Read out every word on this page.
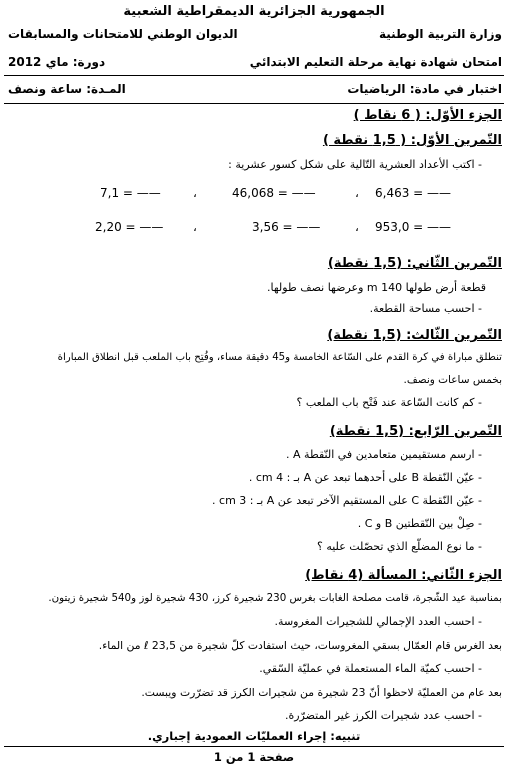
الجمهورية الجزائرية الديمقراطية الشعبية
وزارة التربية الوطنية
الديوان الوطني للامتحانات والمسابقات
امتحان شهادة نهاية مرحلة التعليم الابتدائي
دورة: ماي 2012
اختبار في مادة: الرياضيات
المـدة: ساعة ونصف
الجزء الأوّل: ( 6 نقاط )
التّمرين الأوّل: ( 1,5 نقطة )
- اكتب الأعداد العشرية التّالية على شكل كسور عشرية :
6,463 = ——
،
46,068 = ——
،
7,1 = ——
953,0 = ——
،
3,56 = ——
،
2,20 = ——
التّمرين الثّاني: (1,5 نقطة)
قطعة أرض طولها 140 m وعرضها نصف طولها.
- احسب مساحة القطعة.
التّمرين الثّالث: (1,5 نقطة)
تنطلق مباراة في كرة القدم على السّاعة الخامسة و45 دقيقة مساء، وفُتِح باب الملعب قبل انطلاق المباراة
بخمس ساعات ونصف.
- كم كانت السّاعة عند فَتْح باب الملعب ؟
التّمرين الرّابع: (1,5 نقطة)
- ارسم مستقيمين متعامدين في النّقطة A .
- عيّن النّقطة B على أحدهما تبعد عن A بـ : 4 cm .
- عيّن النّقطة C على المستقيم الآخر تبعد عن A بـ : 3 cm .
- صِلْ بين النّقطتين B و C .
- ما نوع المضلّع الذي تحصّلت عليه ؟
الجزء الثّاني: المسألة (4 نقاط)
بمناسبة عيد الشّجرة، قامت مصلحة الغابات بغرس 230 شجيرة كرز، 430 شجيرة لوز و540 شجيرة زيتون.
- احسب العدد الإجمالي للشجيرات المغروسة.
بعد الغرس قام العمّال بسقي المغروسات، حيث استفادت كلّ شجيرة من 23,5 ℓ من الماء.
- احسب كميّة الماء المستعملة في عمليّة السّقي.
بعد عام من العمليّة لاحظوا أنّ 23 شجيرة من شجيرات الكرز قد تضرّرت ويبست.
- احسب عدد شجيرات الكرز غير المتضرّرة.
تنبيه: إجراء العمليّات العمودية إجباري.
صفحة 1 من 1
